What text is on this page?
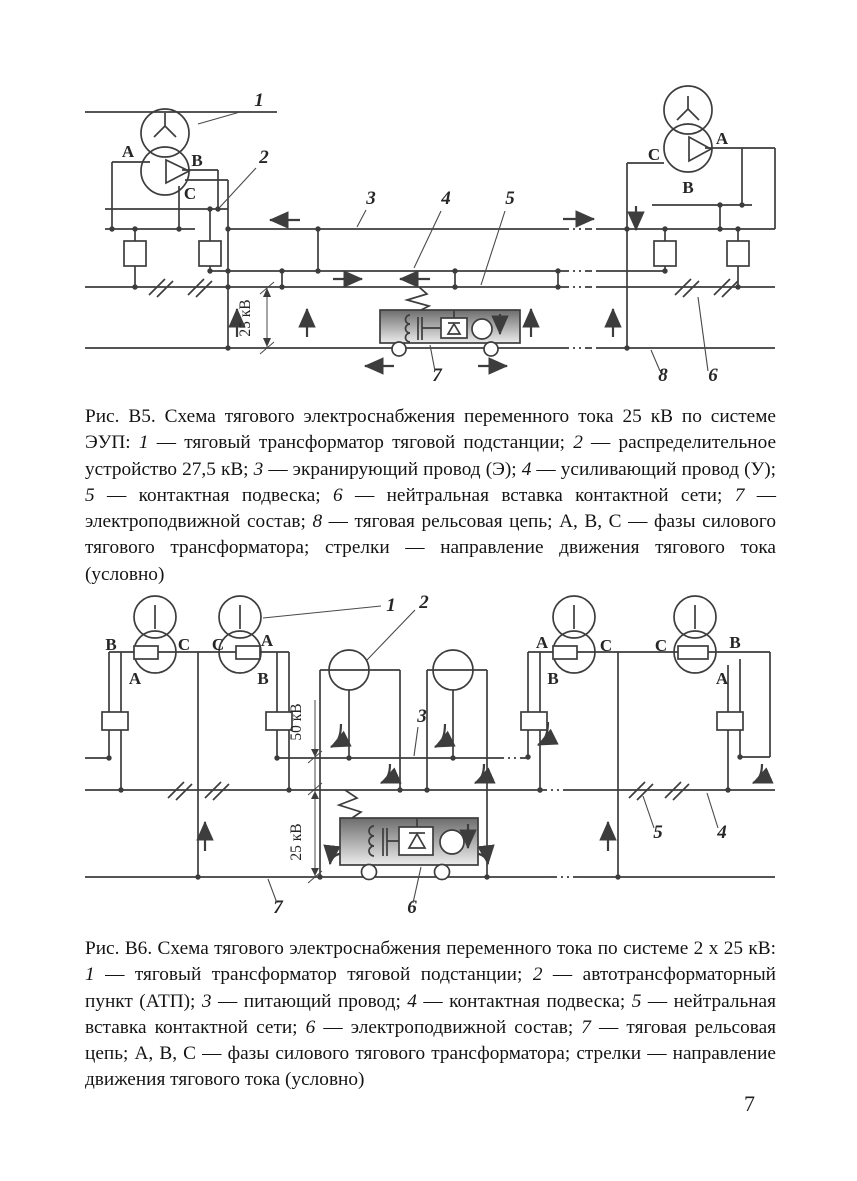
1
А	В
С
2
3	4	5
25 кВ
7
С
А
В
8 6

Рис. В5. Схема тягового электроснабжения переменного тока 25 кВ по системе ЭУП: 1 — тяговый трансформатор тяговой подстанции; 2 — распределительное устройство 27,5 кВ; 3 — экранирующий провод (Э); 4 — усиливающий провод (У); 5 — контактная подвеска; 6 — нейтральная вставка контактной сети; 7 — электроподвижной состав; 8 — тяговая рельсовая цепь; А, В, С — фазы силового тягового трансформатора; стрелки — направление движения тягового тока (условно)

В	С
А
С А
В
1 2
3
50 кВ
25 кВ
6
7
А	С
В
С	В
А
4
5

Рис. В6. Схема тягового электроснабжения переменного тока по системе 2 х 25 кВ: 1 — тяговый трансформатор тяговой подстанции; 2 — автотрансформаторный пункт (АТП); 3 — питающий провод; 4 — контактная подвеска; 5 — нейтральная вставка контактной сети; 6 — электроподвижной состав; 7 — тяговая рельсовая цепь; А, В, С — фазы силового тягового трансформатора; стрелки — направление движения тягового тока (условно)

7
